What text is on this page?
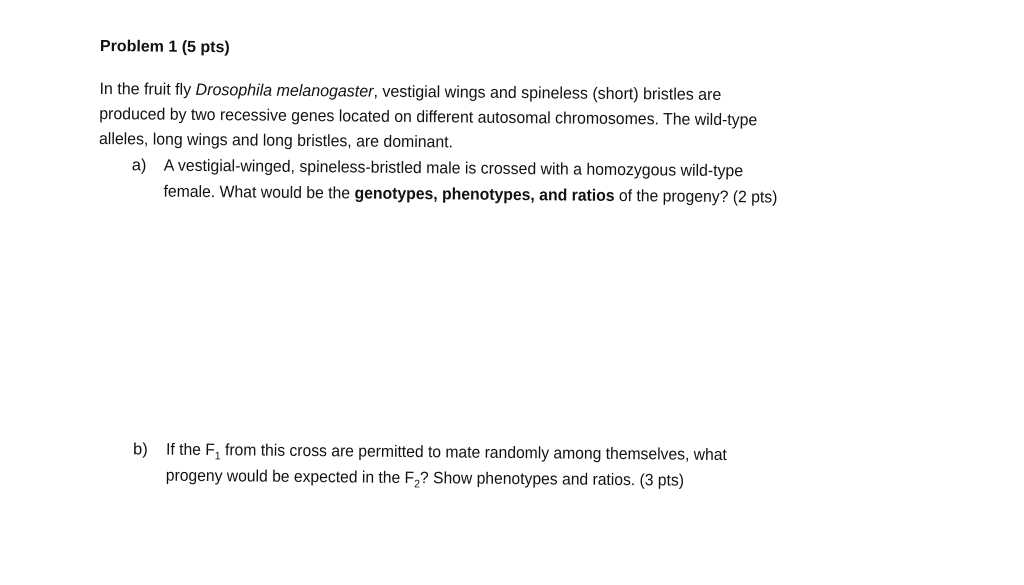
Problem 1 (5 pts)
In the fruit fly Drosophila melanogaster, vestigial wings and spineless (short) bristles are
produced by two recessive genes located on different autosomal chromosomes. The wild-type
alleles, long wings and long bristles, are dominant.
a) A vestigial-winged, spineless-bristled male is crossed with a homozygous wild-type
female. What would be the genotypes, phenotypes, and ratios of the progeny? (2 pts)
b) If the $F_1$ from this cross are permitted to mate randomly among themselves, what
progeny would be expected in the $F_2$? Show phenotypes and ratios. (3 pts)
